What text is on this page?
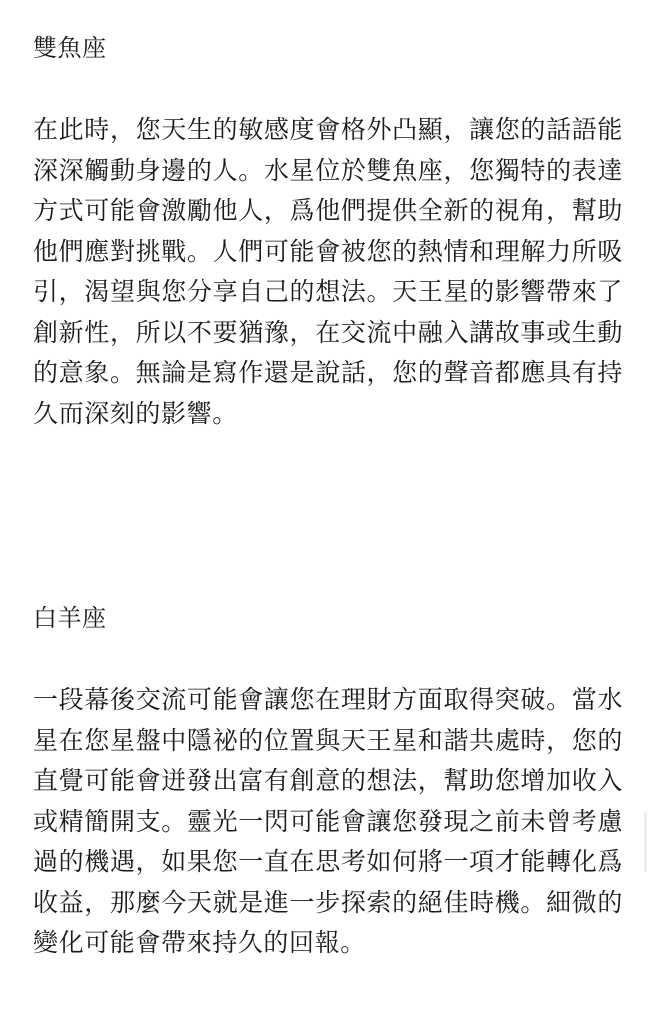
雙魚座

在此時，您天生的敏感度會格外凸顯，讓您的話語能深深觸動身邊的人。水星位於雙魚座，您獨特的表達方式可能會激勵他人，爲他們提供全新的視角，幫助他們應對挑戰。人們可能會被您的熱情和理解力所吸引，渴望與您分享自己的想法。天王星的影響帶來了創新性，所以不要猶豫，在交流中融入講故事或生動的意象。無論是寫作還是說話，您的聲音都應具有持久而深刻的影響。

白羊座

一段幕後交流可能會讓您在理財方面取得突破。當水星在您星盤中隱祕的位置與天王星和諧共處時，您的直覺可能會迸發出富有創意的想法，幫助您增加收入或精簡開支。靈光一閃可能會讓您發現之前未曾考慮過的機遇，如果您一直在思考如何將一項才能轉化爲收益，那麼今天就是進一步探索的絕佳時機。細微的變化可能會帶來持久的回報。
